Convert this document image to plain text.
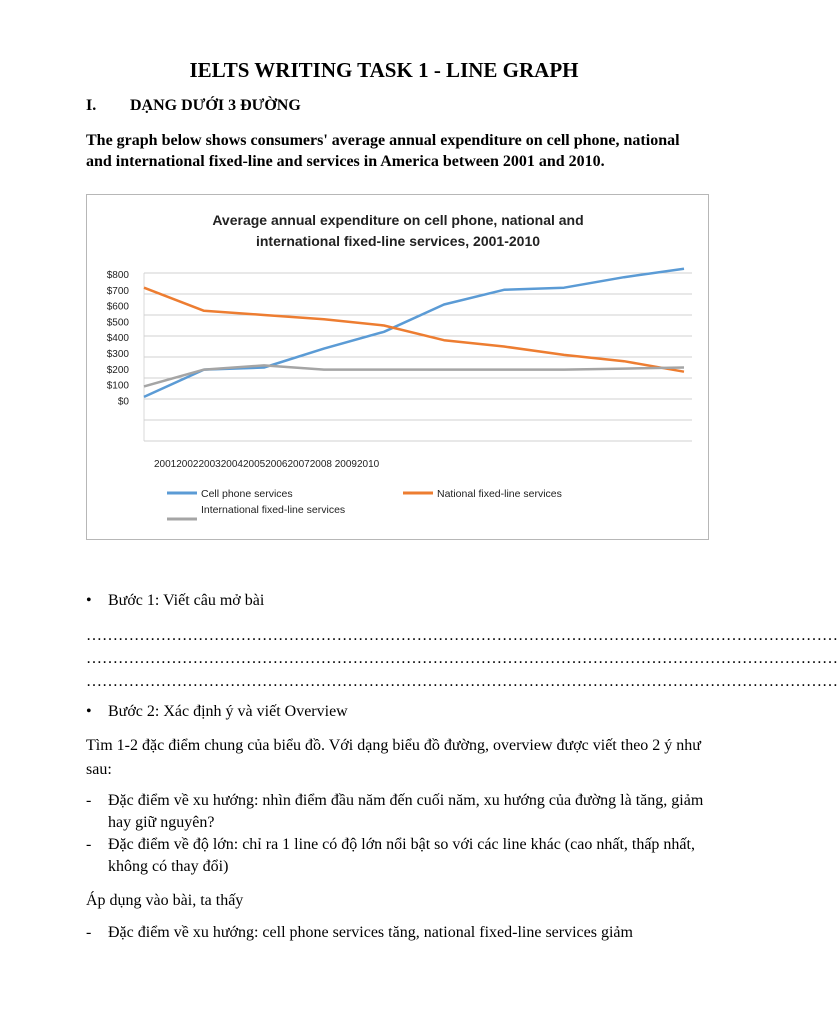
IELTS WRITING TASK 1 - LINE GRAPH
I. DẠNG DƯỚI 3 ĐƯỜNG
The graph below shows consumers' average annual expenditure on cell phone, national and international fixed-line and services in America between 2001 and 2010.
Average annual expenditure on cell phone, national and
international fixed-line services, 2001-2010
$800
$700
$600
$500
$400
$300
$200
$100
$0
20012002200320042005200620072008 20092010
Cell phone services	National fixed-line services
International fixed-line services
• Bước 1: Viết câu mở bài
……………………………………………………………………………………………………………………………
……………………………………………………………………………………………………………………………
……………………………………………………………………………………………………………………………
• Bước 2: Xác định ý và viết Overview
Tìm 1-2 đặc điểm chung của biểu đồ. Với dạng biểu đồ đường, overview được viết theo 2 ý như sau:
- Đặc điểm về xu hướng: nhìn điểm đầu năm đến cuối năm, xu hướng của đường là tăng, giảm hay giữ nguyên?
- Đặc điểm về độ lớn: chỉ ra 1 line có độ lớn nổi bật so với các line khác (cao nhất, thấp nhất, không có thay đổi)
Áp dụng vào bài, ta thấy
- Đặc điểm về xu hướng: cell phone services tăng, national fixed-line services giảm
